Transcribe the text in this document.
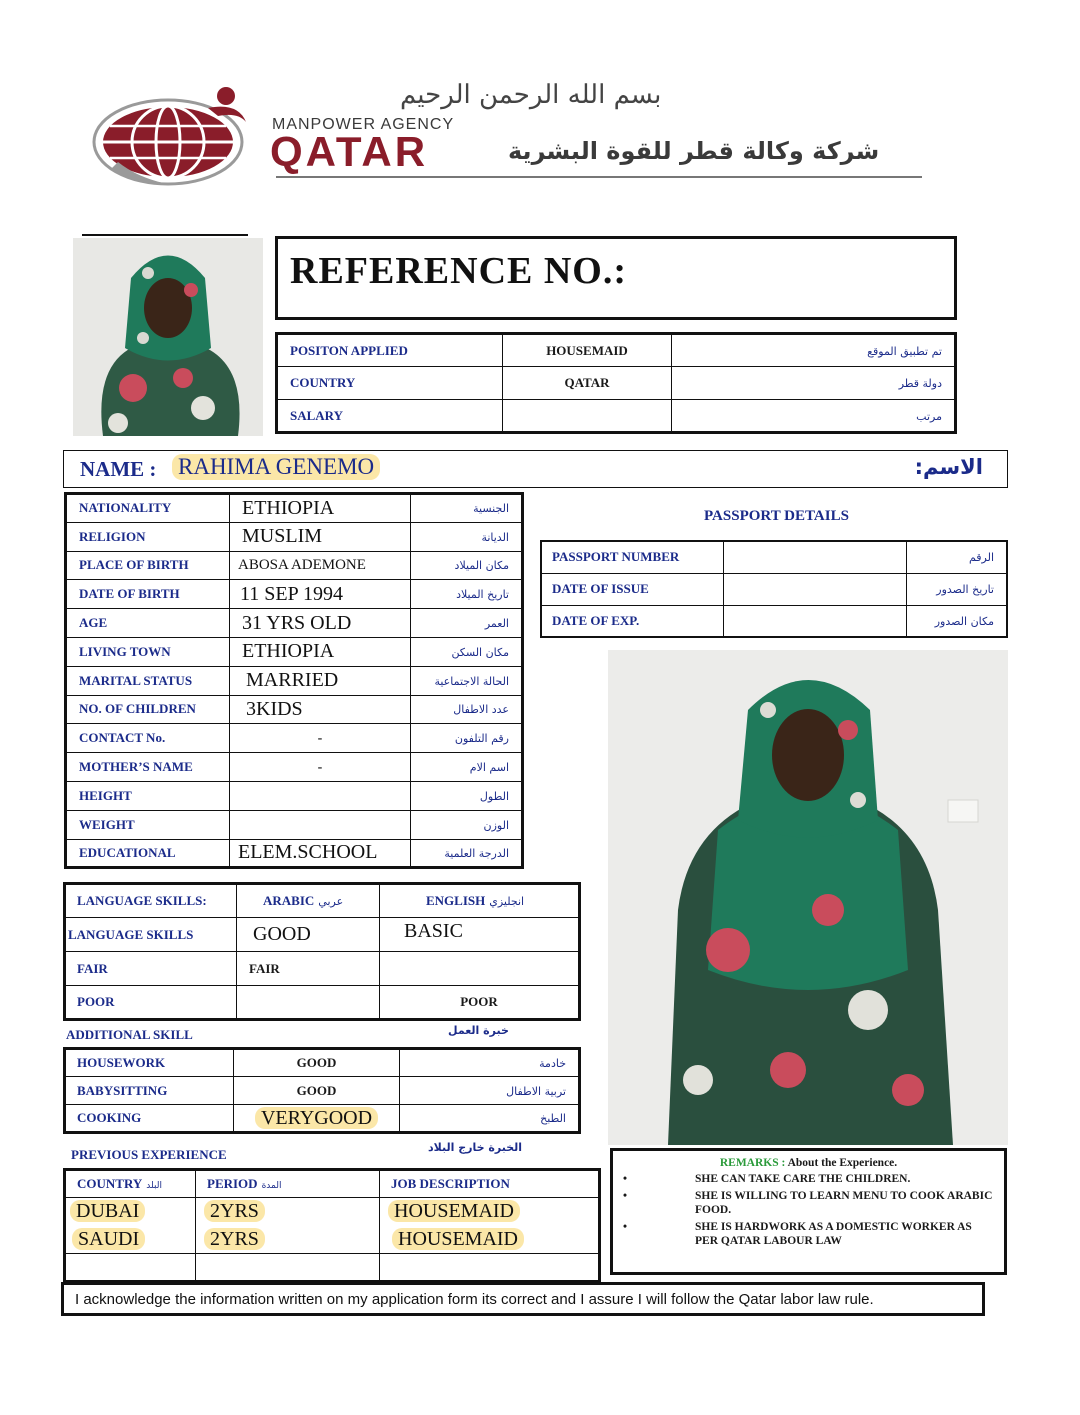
بسم الله الرحمن الرحيم
MANPOWER AGENCY
QATAR	شركة وكالة قطر للقوة البشرية
REFERENCE NO.:
POSITON APPLIED	HOUSEMAID	تم تطبيق الموقع
COUNTRY	QATAR	دولة قطر
SALARY		مرتب
NAME : RAHIMA GENEMO	:الاسم
NATIONALITY	ETHIOPIA	الجنسية
RELIGION	MUSLIM	الديانة
PLACE OF BIRTH	ABOSA ADEMONE	مكان الميلاد
DATE OF BIRTH	11 SEP 1994	تاريخ الميلاد
AGE	31 YRS OLD	العمر
LIVING TOWN	ETHIOPIA	مكان السكن
MARITAL STATUS	MARRIED	الحالة الاجتماعية
NO. OF CHILDREN	3KIDS	عدد الاطفال
CONTACT No.	-	رقم التلفون
MOTHER’S NAME	-	اسم الام
HEIGHT		الطول
WEIGHT		الوزن
EDUCATIONAL	ELEM.SCHOOL	الدرجة العلمية
PASSPORT DETAILS
PASSPORT NUMBER		الرقم
DATE OF ISSUE		تاريخ الصدور
DATE OF EXP.		مكان الصدور
LANGUAGE SKILLS:	ARABIC عربي	ENGLISH انجليزي
LANGUAGE SKILLS	GOOD	BASIC
FAIR	FAIR	
POOR		POOR
ADDITIONAL SKILL	خبرة العمل
HOUSEWORK	GOOD	خادمة
BABYSITTING	GOOD	تربية الاطفال
COOKING	VERYGOOD	الطبخ
PREVIOUS EXPERIENCE	الخبرة خارج البلاد
COUNTRY البلد	PERIOD المدة	JOB DESCRIPTION
DUBAI	2YRS	HOUSEMAID
SAUDI	2YRS	HOUSEMAID

REMARKS : About the Experience.
•	SHE CAN TAKE CARE THE CHILDREN.
•	SHE IS WILLING TO LEARN MENU TO COOK ARABIC FOOD.
•	SHE IS HARDWORK AS A DOMESTIC WORKER AS PER QATAR LABOUR LAW
I acknowledge the information written on my application form its correct and I assure I will follow the Qatar labor law rule.
